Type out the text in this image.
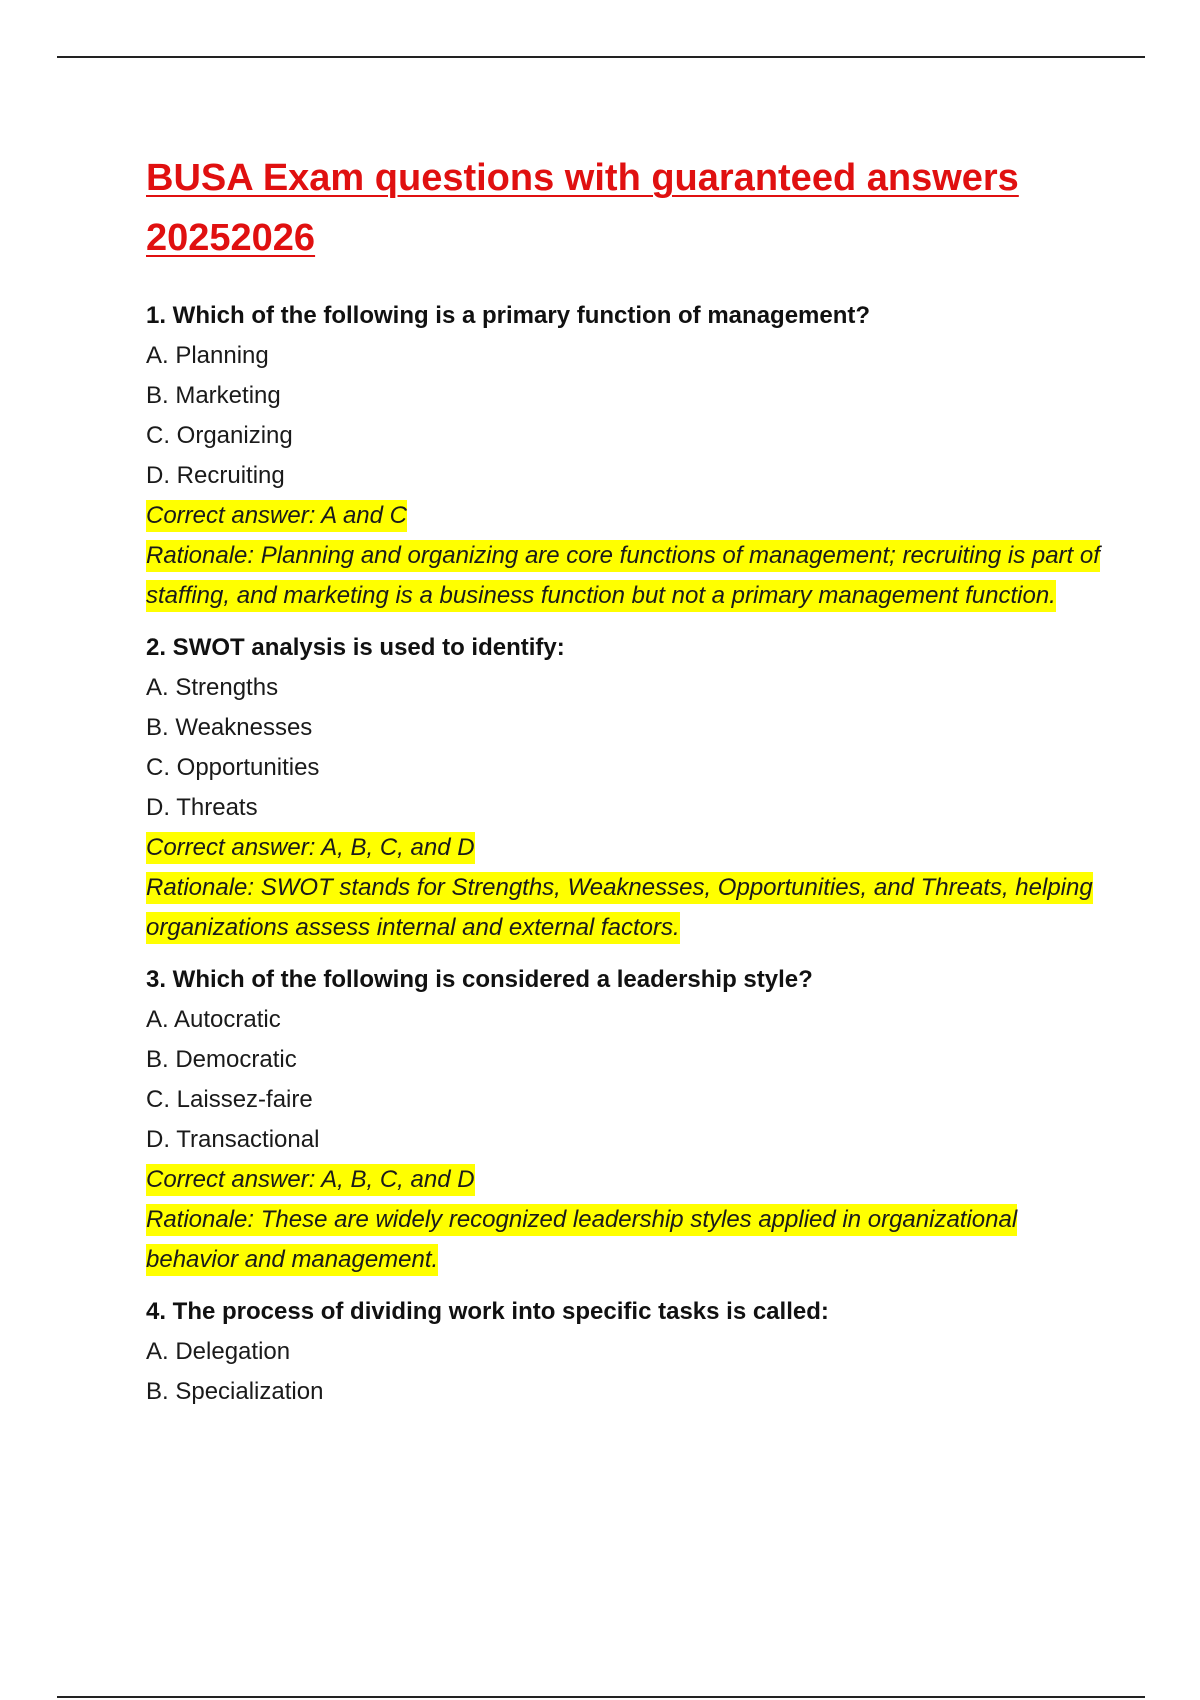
BUSA Exam questions with guaranteed answers 20252026
1. Which of the following is a primary function of management?
A. Planning
B. Marketing
C. Organizing
D. Recruiting
Correct answer: A and C
Rationale: Planning and organizing are core functions of management; recruiting is part of staffing, and marketing is a business function but not a primary management function.
2. SWOT analysis is used to identify:
A. Strengths
B. Weaknesses
C. Opportunities
D. Threats
Correct answer: A, B, C, and D
Rationale: SWOT stands for Strengths, Weaknesses, Opportunities, and Threats, helping organizations assess internal and external factors.
3. Which of the following is considered a leadership style?
A. Autocratic
B. Democratic
C. Laissez-faire
D. Transactional
Correct answer: A, B, C, and D
Rationale: These are widely recognized leadership styles applied in organizational behavior and management.
4. The process of dividing work into specific tasks is called:
A. Delegation
B. Specialization
